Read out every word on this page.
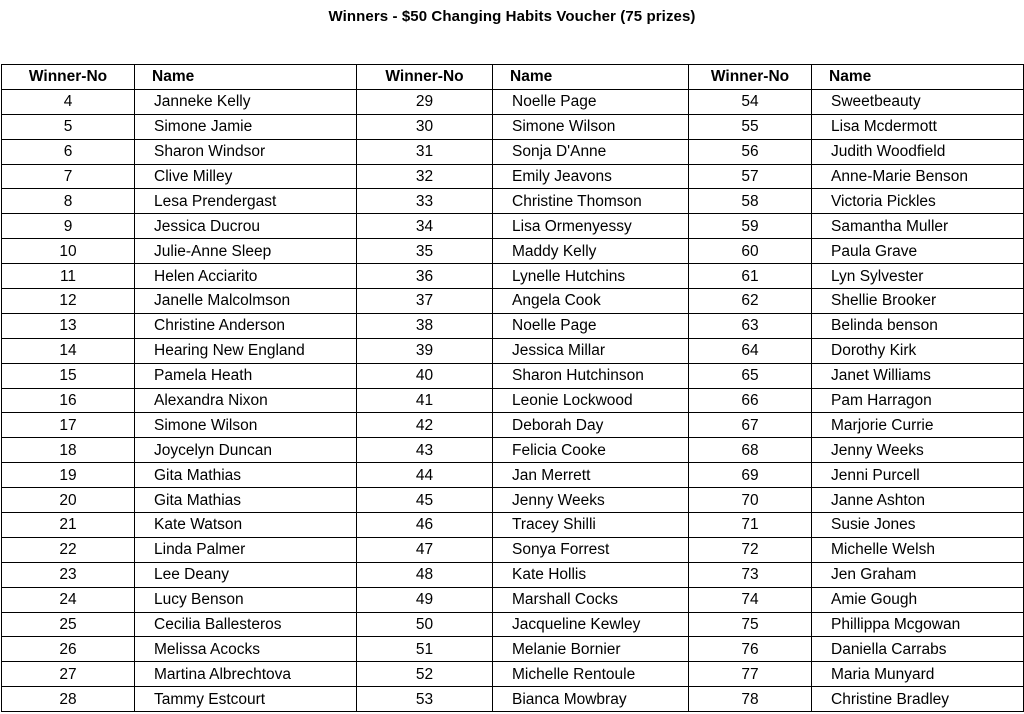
Winners - $50 Changing Habits Voucher (75 prizes)
Winner-No	Name	Winner-No	Name	Winner-No	Name
4	Janneke Kelly	29	Noelle Page	54	Sweetbeauty
5	Simone Jamie	30	Simone Wilson	55	Lisa Mcdermott
6	Sharon Windsor	31	Sonja D'Anne	56	Judith Woodfield
7	Clive Milley	32	Emily Jeavons	57	Anne-Marie Benson
8	Lesa Prendergast	33	Christine Thomson	58	Victoria Pickles
9	Jessica Ducrou	34	Lisa Ormenyessy	59	Samantha Muller
10	Julie-Anne Sleep	35	Maddy Kelly	60	Paula Grave
11	Helen Acciarito	36	Lynelle Hutchins	61	Lyn Sylvester
12	Janelle Malcolmson	37	Angela Cook	62	Shellie Brooker
13	Christine Anderson	38	Noelle Page	63	Belinda benson
14	Hearing New England	39	Jessica Millar	64	Dorothy Kirk
15	Pamela Heath	40	Sharon Hutchinson	65	Janet Williams
16	Alexandra Nixon	41	Leonie Lockwood	66	Pam Harragon
17	Simone Wilson	42	Deborah Day	67	Marjorie Currie
18	Joycelyn Duncan	43	Felicia Cooke	68	Jenny Weeks
19	Gita Mathias	44	Jan Merrett	69	Jenni Purcell
20	Gita Mathias	45	Jenny Weeks	70	Janne Ashton
21	Kate Watson	46	Tracey Shilli	71	Susie Jones
22	Linda Palmer	47	Sonya Forrest	72	Michelle Welsh
23	Lee Deany	48	Kate Hollis	73	Jen Graham
24	Lucy Benson	49	Marshall Cocks	74	Amie Gough
25	Cecilia Ballesteros	50	Jacqueline Kewley	75	Phillippa Mcgowan
26	Melissa Acocks	51	Melanie Bornier	76	Daniella Carrabs
27	Martina Albrechtova	52	Michelle Rentoule	77	Maria Munyard
28	Tammy Estcourt	53	Bianca Mowbray	78	Christine Bradley
